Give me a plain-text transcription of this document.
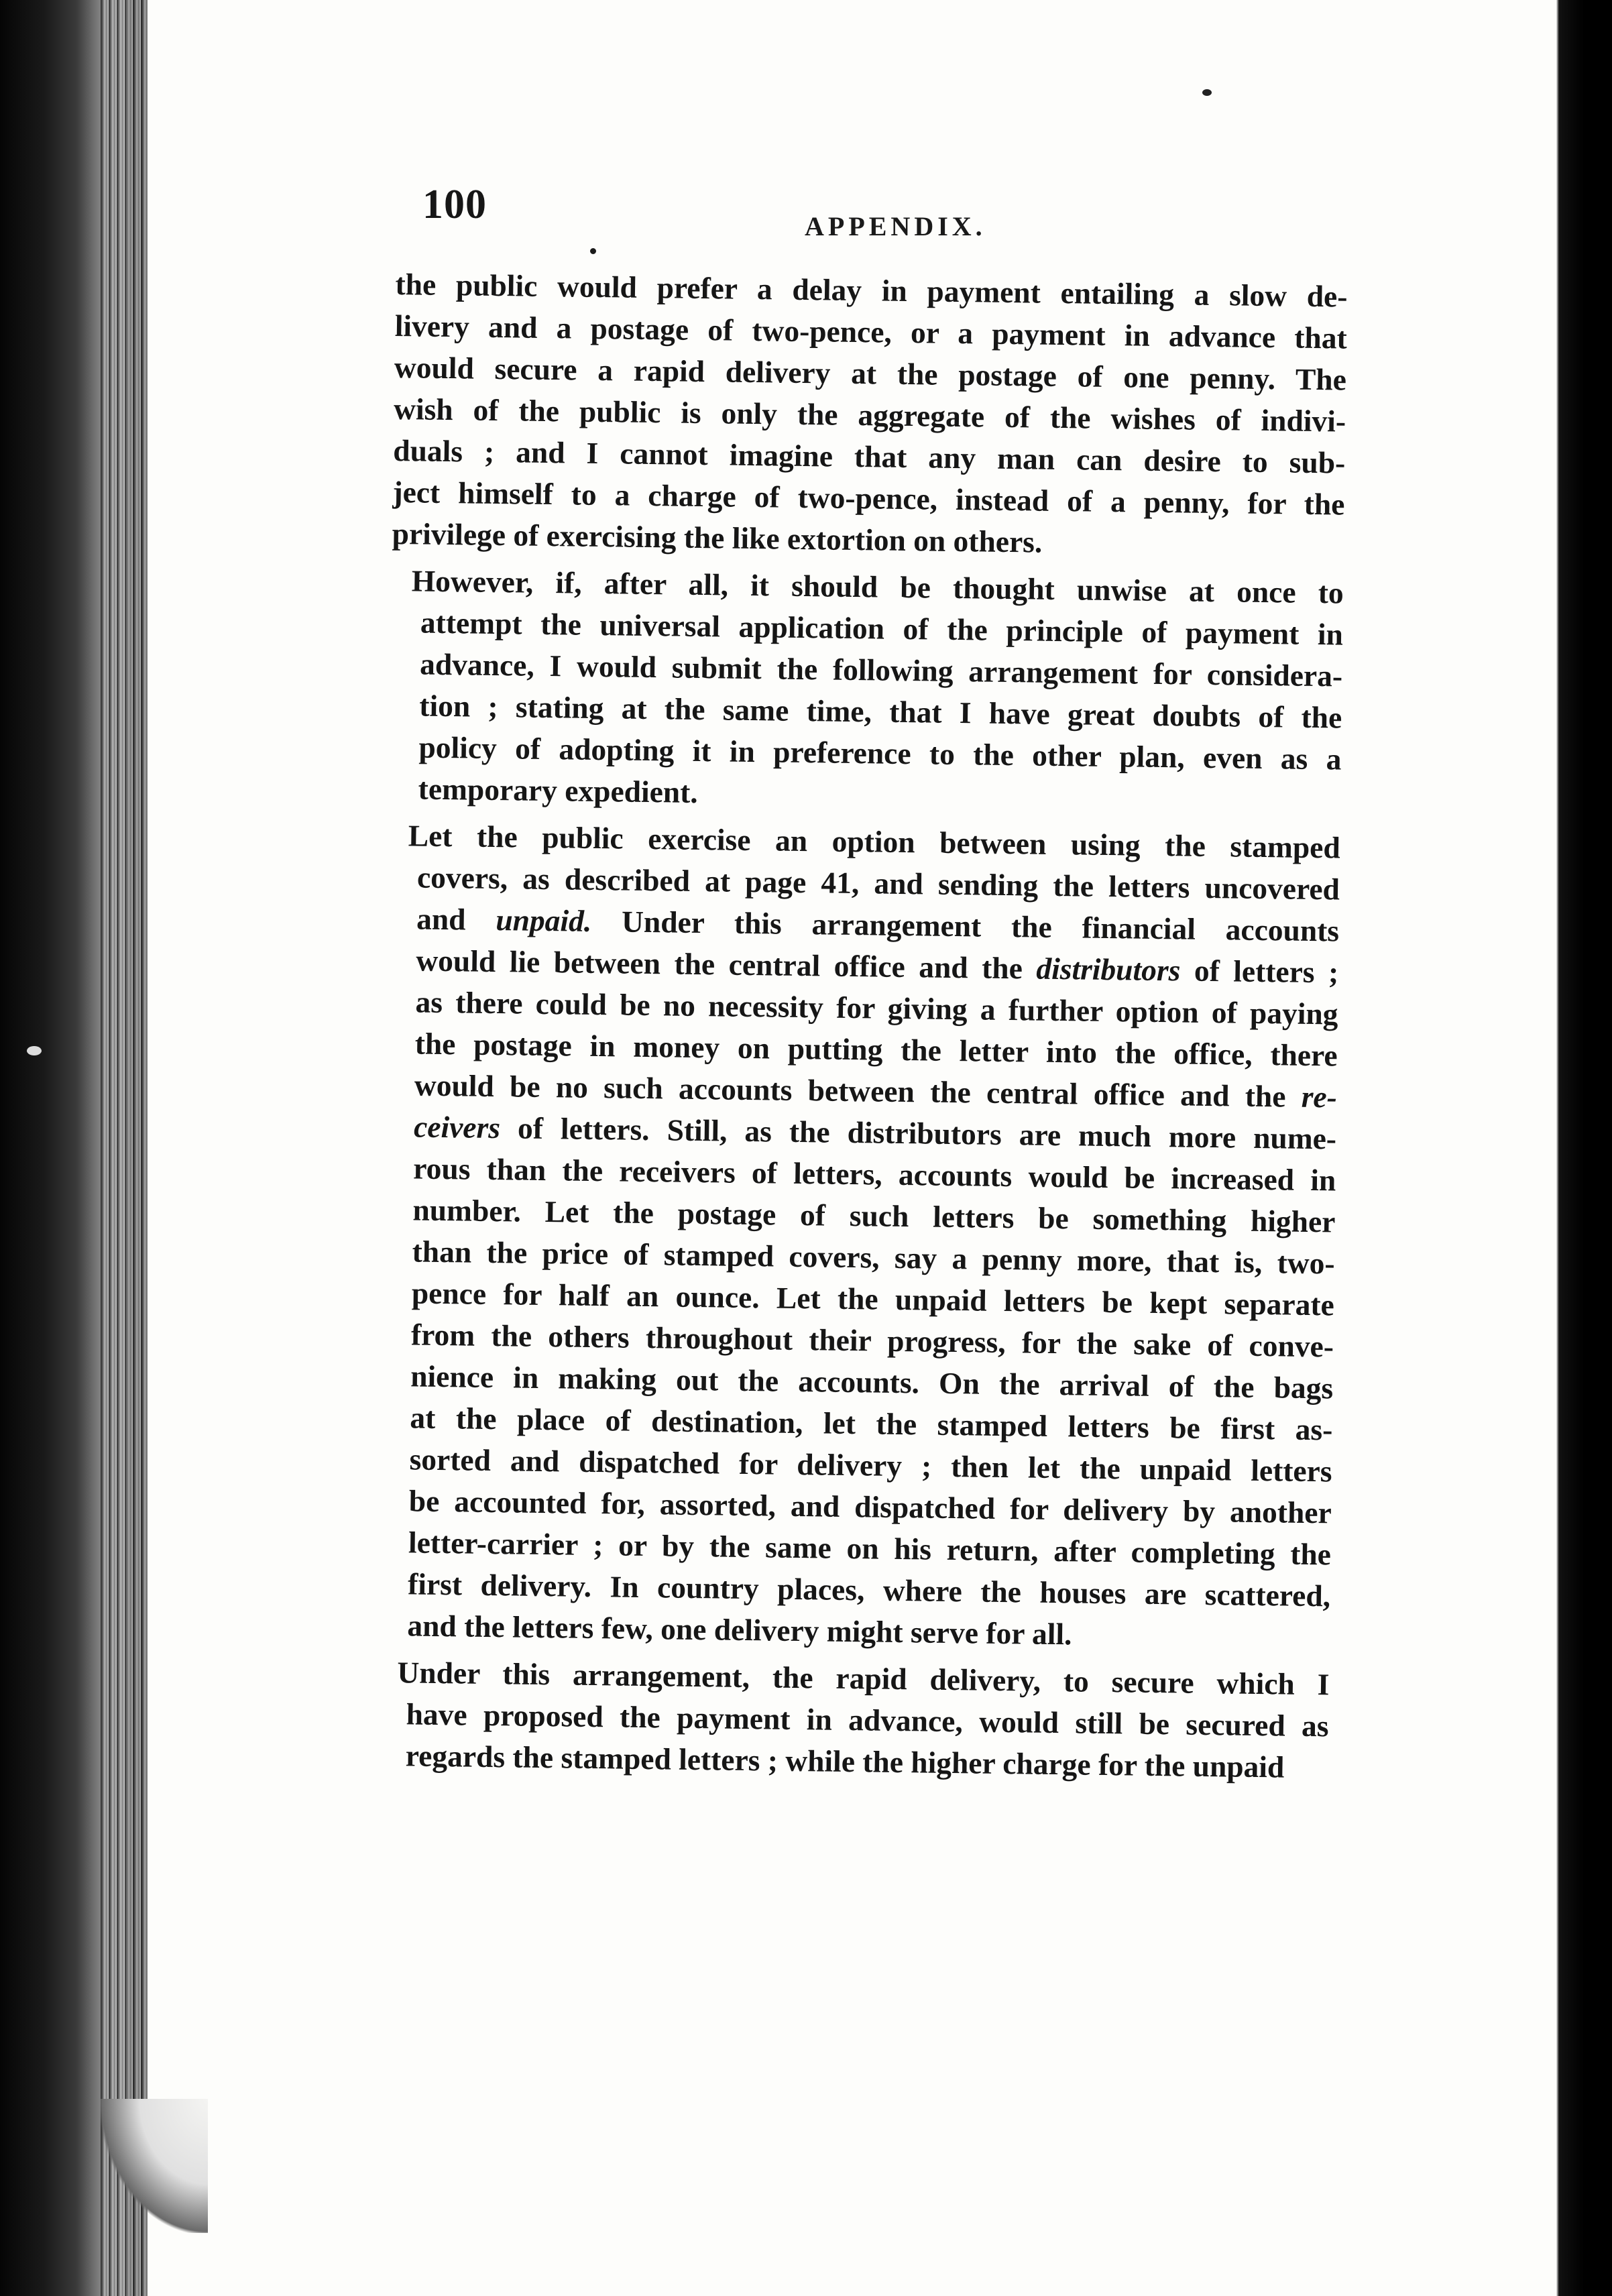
100	APPENDIX.
the public would prefer a delay in payment entailing a slow de-
livery and a postage of two-pence, or a payment in advance that
would secure a rapid delivery at the postage of one penny. The
wish of the public is only the aggregate of the wishes of indivi-
duals ; and I cannot imagine that any man can desire to sub-
ject himself to a charge of two-pence, instead of a penny, for the
privilege of exercising the like extortion on others.
However, if, after all, it should be thought unwise at once to
attempt the universal application of the principle of payment in
advance, I would submit the following arrangement for considera-
tion ; stating at the same time, that I have great doubts of the
policy of adopting it in preference to the other plan, even as a
temporary expedient.
Let the public exercise an option between using the stamped
covers, as described at page 41, and sending the letters uncovered
and unpaid. Under this arrangement the financial accounts
would lie between the central office and the distributors of letters ;
as there could be no necessity for giving a further option of paying
the postage in money on putting the letter into the office, there
would be no such accounts between the central office and the re-
ceivers of letters. Still, as the distributors are much more nume-
rous than the receivers of letters, accounts would be increased in
number. Let the postage of such letters be something higher
than the price of stamped covers, say a penny more, that is, two-
pence for half an ounce. Let the unpaid letters be kept separate
from the others throughout their progress, for the sake of conve-
nience in making out the accounts. On the arrival of the bags
at the place of destination, let the stamped letters be first as-
sorted and dispatched for delivery ; then let the unpaid letters
be accounted for, assorted, and dispatched for delivery by another
letter-carrier ; or by the same on his return, after completing the
first delivery. In country places, where the houses are scattered,
and the letters few, one delivery might serve for all.
Under this arrangement, the rapid delivery, to secure which I
have proposed the payment in advance, would still be secured as
regards the stamped letters ; while the higher charge for the unpaid
